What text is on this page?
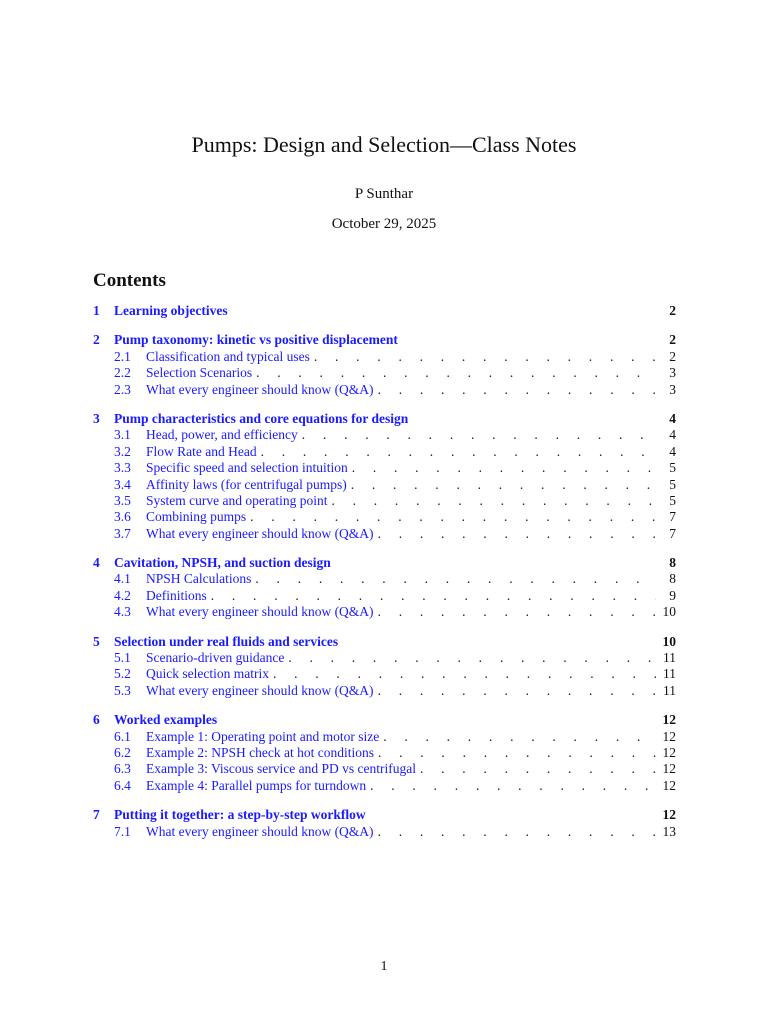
Pumps: Design and Selection—Class Notes
P Sunthar
October 29, 2025
Contents
1	Learning objectives	2
2	Pump taxonomy: kinetic vs positive displacement	2
2.1	Classification and typical uses . . .	2
2.2	Selection Scenarios . . .	3
2.3	What every engineer should know (Q&A) . . .	3
3	Pump characteristics and core equations for design	4
3.1	Head, power, and efficiency . . .	4
3.2	Flow Rate and Head . . .	4
3.3	Specific speed and selection intuition . . .	5
3.4	Affinity laws (for centrifugal pumps) . . .	5
3.5	System curve and operating point . . .	5
3.6	Combining pumps . . .	7
3.7	What every engineer should know (Q&A) . . .	7
4	Cavitation, NPSH, and suction design	8
4.1	NPSH Calculations . . .	8
4.2	Definitions . . .	9
4.3	What every engineer should know (Q&A) . . .	10
5	Selection under real fluids and services	10
5.1	Scenario-driven guidance . . .	11
5.2	Quick selection matrix . . .	11
5.3	What every engineer should know (Q&A) . . .	11
6	Worked examples	12
6.1	Example 1: Operating point and motor size . . .	12
6.2	Example 2: NPSH check at hot conditions . . .	12
6.3	Example 3: Viscous service and PD vs centrifugal . . .	12
6.4	Example 4: Parallel pumps for turndown . . .	12
7	Putting it together: a step-by-step workflow	12
7.1	What every engineer should know (Q&A) . . .	13
1
